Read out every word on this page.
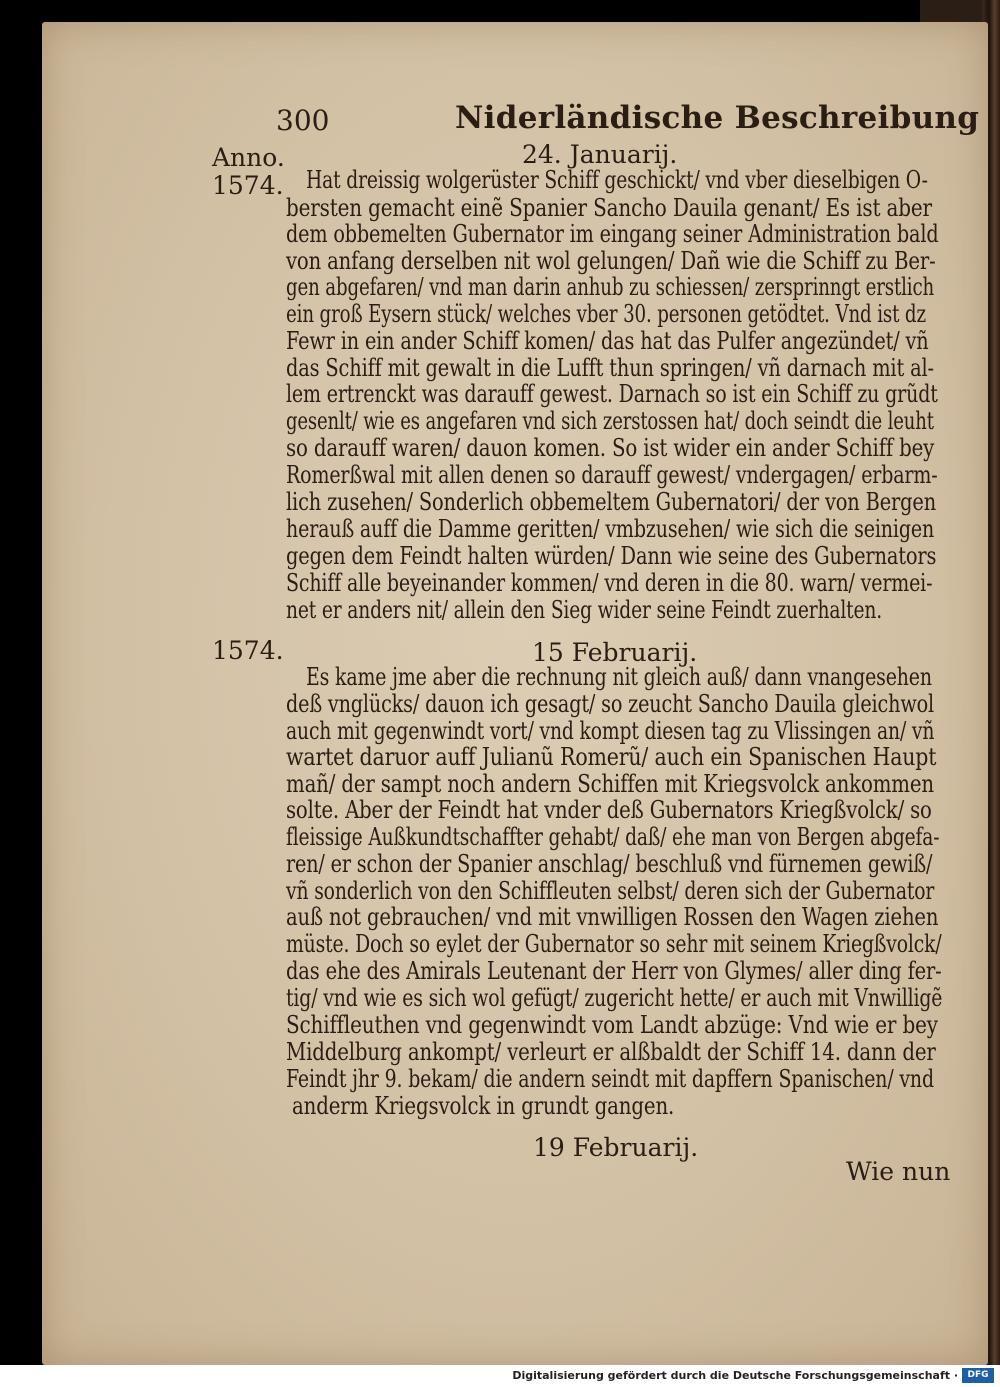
300	Niderländische Beschreibung
Anno.
1574.
1574.
24. Januarij.
15 Februarij.
19 Februarij.
Hat dreissig wolgerüster Schiff geschickt/ vnd vber dieselbigen O-
bersten gemacht einẽ Spanier Sancho Dauila genant/ Es ist aber
dem obbemelten Gubernator im eingang seiner Administration bald
von anfang derselben nit wol gelungen/ Dañ wie die Schiff zu Ber-
gen abgefaren/ vnd man darin anhub zu schiessen/ zersprinngt erstlich
ein groß Eysern stück/ welches vber 30. personen getödtet. Vnd ist dz
Fewr in ein ander Schiff komen/ das hat das Pulfer angezündet/ vñ
das Schiff mit gewalt in die Lufft thun springen/ vñ darnach mit al-
lem ertrenckt was darauff gewest. Darnach so ist ein Schiff zu grũdt
gesenlt/ wie es angefaren vnd sich zerstossen hat/ doch seindt die leuht
so darauff waren/ dauon komen. So ist wider ein ander Schiff bey
Romerßwal mit allen denen so darauff gewest/ vndergagen/ erbarm-
lich zusehen/ Sonderlich obbemeltem Gubernatori/ der von Bergen
herauß auff die Damme geritten/ vmbzusehen/ wie sich die seinigen
gegen dem Feindt halten würden/ Dann wie seine des Gubernators
Schiff alle beyeinander kommen/ vnd deren in die 80. warn/ vermei-
net er anders nit/ allein den Sieg wider seine Feindt zuerhalten.
Es kame jme aber die rechnung nit gleich auß/ dann vnangesehen
deß vnglücks/ dauon ich gesagt/ so zeucht Sancho Dauila gleichwol
auch mit gegenwindt vort/ vnd kompt diesen tag zu Vlissingen an/ vñ
wartet daruor auff Julianũ Romerũ/ auch ein Spanischen Haupt
mañ/ der sampt noch andern Schiffen mit Kriegsvolck ankommen
solte. Aber der Feindt hat vnder deß Gubernators Kriegßvolck/ so
fleissige Außkundtschaffter gehabt/ daß/ ehe man von Bergen abgefa-
ren/ er schon der Spanier anschlag/ beschluß vnd fürnemen gewiß/
vñ sonderlich von den Schiffleuten selbst/ deren sich der Gubernator
auß not gebrauchen/ vnd mit vnwilligen Rossen den Wagen ziehen
müste. Doch so eylet der Gubernator so sehr mit seinem Kriegßvolck/
das ehe des Amirals Leutenant der Herr von Glymes/ aller ding fer-
tig/ vnd wie es sich wol gefügt/ zugericht hette/ er auch mit Vnwilligẽ
Schiffleuthen vnd gegenwindt vom Landt abzüge: Vnd wie er bey
Middelburg ankompt/ verleurt er alßbaldt der Schiff 14. dann der
Feindt jhr 9. bekam/ die andern seindt mit dapffern Spanischen/ vnd
anderm Kriegsvolck in grundt gangen.
Wie nun
Digitalisierung gefördert durch die Deutsche Forschungsgemeinschaft ·	DFG
